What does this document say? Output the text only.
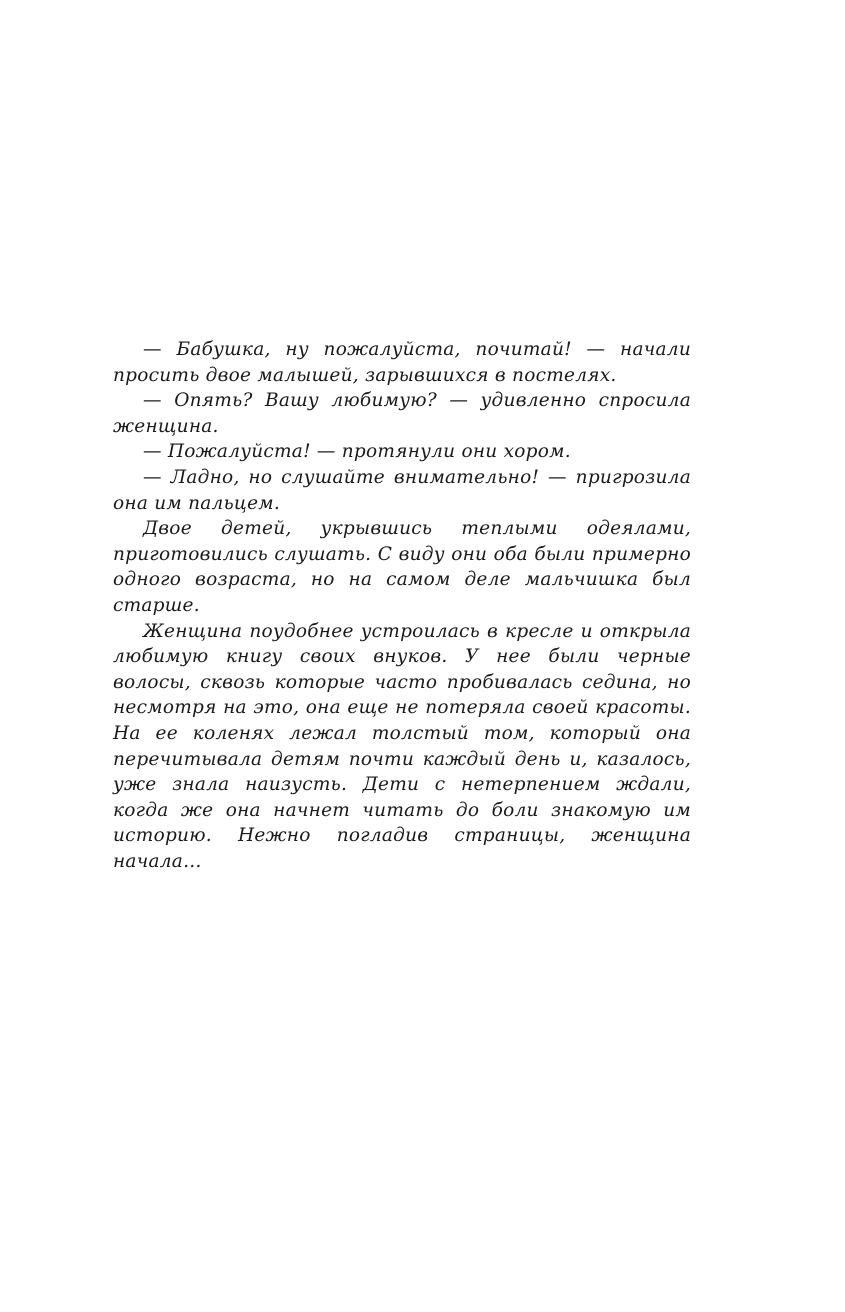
— Бабушка, ну пожалуйста, почитай! — начали просить двое малышей, зарывшихся в постелях.

— Опять? Вашу любимую? — удивленно спросила женщина.

— Пожалуйста! — протянули они хором.

— Ладно, но слушайте внимательно! — пригрозила она им пальцем.

Двое детей, укрывшись теплыми одеялами, приготовились слушать. С виду они оба были примерно одного возраста, но на самом деле мальчишка был старше.

Женщина поудобнее устроилась в кресле и открыла любимую книгу своих внуков. У нее были черные волосы, сквозь которые часто пробивалась седина, но несмотря на это, она еще не потеряла своей красоты. На ее коленях лежал толстый том, который она перечитывала детям почти каждый день и, казалось, уже знала наизусть. Дети с нетерпением ждали, когда же она начнет читать до боли знакомую им историю. Нежно погладив страницы, женщина начала…
